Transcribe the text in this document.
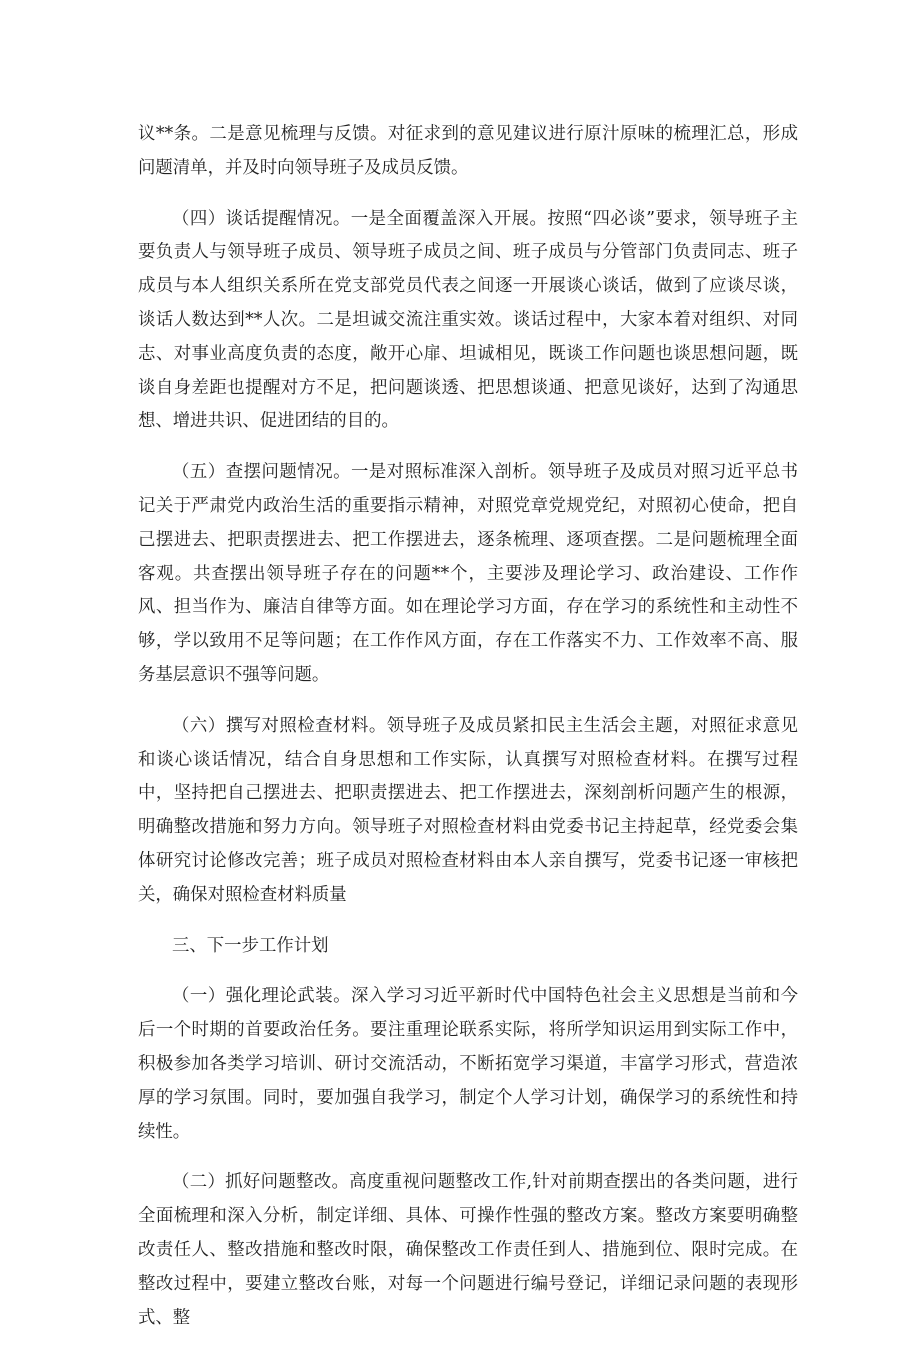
议**条。二是意见梳理与反馈。对征求到的意见建议进行原汁原味的梳理汇总，形成问题清单，并及时向领导班子及成员反馈。

（四）谈话提醒情况。一是全面覆盖深入开展。按照“四必谈”要求，领导班子主要负责人与领导班子成员、领导班子成员之间、班子成员与分管部门负责同志、班子成员与本人组织关系所在党支部党员代表之间逐一开展谈心谈话，做到了应谈尽谈，谈话人数达到**人次。二是坦诚交流注重实效。谈话过程中，大家本着对组织、对同志、对事业高度负责的态度，敞开心扉、坦诚相见，既谈工作问题也谈思想问题，既谈自身差距也提醒对方不足，把问题谈透、把思想谈通、把意见谈好，达到了沟通思想、增进共识、促进团结的目的。

（五）查摆问题情况。一是对照标准深入剖析。领导班子及成员对照习近平总书记关于严肃党内政治生活的重要指示精神，对照党章党规党纪，对照初心使命，把自己摆进去、把职责摆进去、把工作摆进去，逐条梳理、逐项查摆。二是问题梳理全面客观。共查摆出领导班子存在的问题**个，主要涉及理论学习、政治建设、工作作风、担当作为、廉洁自律等方面。如在理论学习方面，存在学习的系统性和主动性不够，学以致用不足等问题；在工作作风方面，存在工作落实不力、工作效率不高、服务基层意识不强等问题。

（六）撰写对照检查材料。领导班子及成员紧扣民主生活会主题，对照征求意见和谈心谈话情况，结合自身思想和工作实际，认真撰写对照检查材料。在撰写过程中，坚持把自己摆进去、把职责摆进去、把工作摆进去，深刻剖析问题产生的根源，明确整改措施和努力方向。领导班子对照检查材料由党委书记主持起草，经党委会集体研究讨论修改完善；班子成员对照检查材料由本人亲自撰写，党委书记逐一审核把关，确保对照检查材料质量

三、下一步工作计划

（一）强化理论武装。深入学习习近平新时代中国特色社会主义思想是当前和今后一个时期的首要政治任务。要注重理论联系实际，将所学知识运用到实际工作中，积极参加各类学习培训、研讨交流活动，不断拓宽学习渠道，丰富学习形式，营造浓厚的学习氛围。同时，要加强自我学习，制定个人学习计划，确保学习的系统性和持续性。

（二）抓好问题整改。高度重视问题整改工作,针对前期查摆出的各类问题，进行全面梳理和深入分析，制定详细、具体、可操作性强的整改方案。整改方案要明确整改责任人、整改措施和整改时限，确保整改工作责任到人、措施到位、限时完成。在整改过程中，要建立整改台账，对每一个问题进行编号登记，详细记录问题的表现形式、整
